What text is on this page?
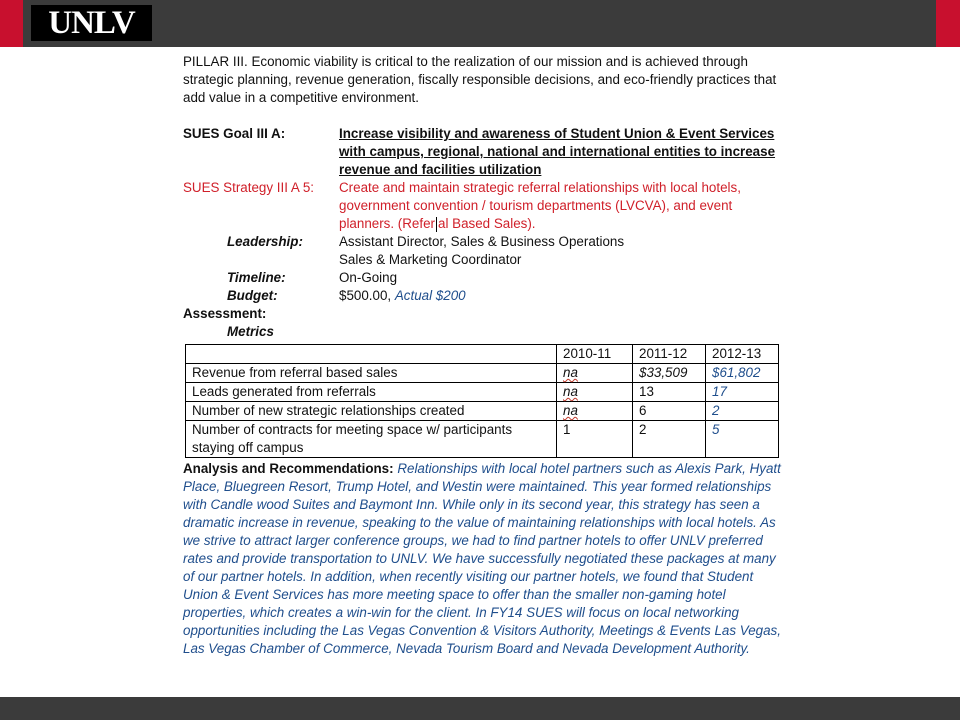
UNLV

PILLAR III. Economic viability is critical to the realization of our mission and is achieved through strategic planning, revenue generation, fiscally responsible decisions, and eco-friendly practices that add value in a competitive environment.

SUES Goal III A:	Increase visibility and awareness of Student Union & Event Services with campus, regional, national and international entities to increase revenue and facilities utilization
SUES Strategy III A 5:	Create and maintain strategic referral relationships with local hotels, government convention / tourism departments (LVCVA), and event planners. (Refer al Based Sales).
Leadership:	Assistant Director, Sales & Business Operations
Sales & Marketing Coordinator
Timeline:	On-Going
Budget:	$500.00, Actual $200
Assessment:
Metrics
	2010-11	2011-12	2012-13
Revenue from referral based sales	na	$33,509	$61,802
Leads generated from referrals	na	13	17
Number of new strategic relationships created	na	6	2
Number of contracts for meeting space w/ participants staying off campus	1	2	5
Analysis and Recommendations: Relationships with local hotel partners such as Alexis Park, Hyatt Place, Bluegreen Resort, Trump Hotel, and Westin were maintained. This year formed relationships with Candle wood Suites and Baymont Inn. While only in its second year, this strategy has seen a dramatic increase in revenue, speaking to the value of maintaining relationships with local hotels. As we strive to attract larger conference groups, we had to find partner hotels to offer UNLV preferred rates and provide transportation to UNLV. We have successfully negotiated these packages at many of our partner hotels. In addition, when recently visiting our partner hotels, we found that Student Union & Event Services has more meeting space to offer than the smaller non-gaming hotel properties, which creates a win-win for the client. In FY14 SUES will focus on local networking opportunities including the Las Vegas Convention & Visitors Authority, Meetings & Events Las Vegas, Las Vegas Chamber of Commerce, Nevada Tourism Board and Nevada Development Authority.
